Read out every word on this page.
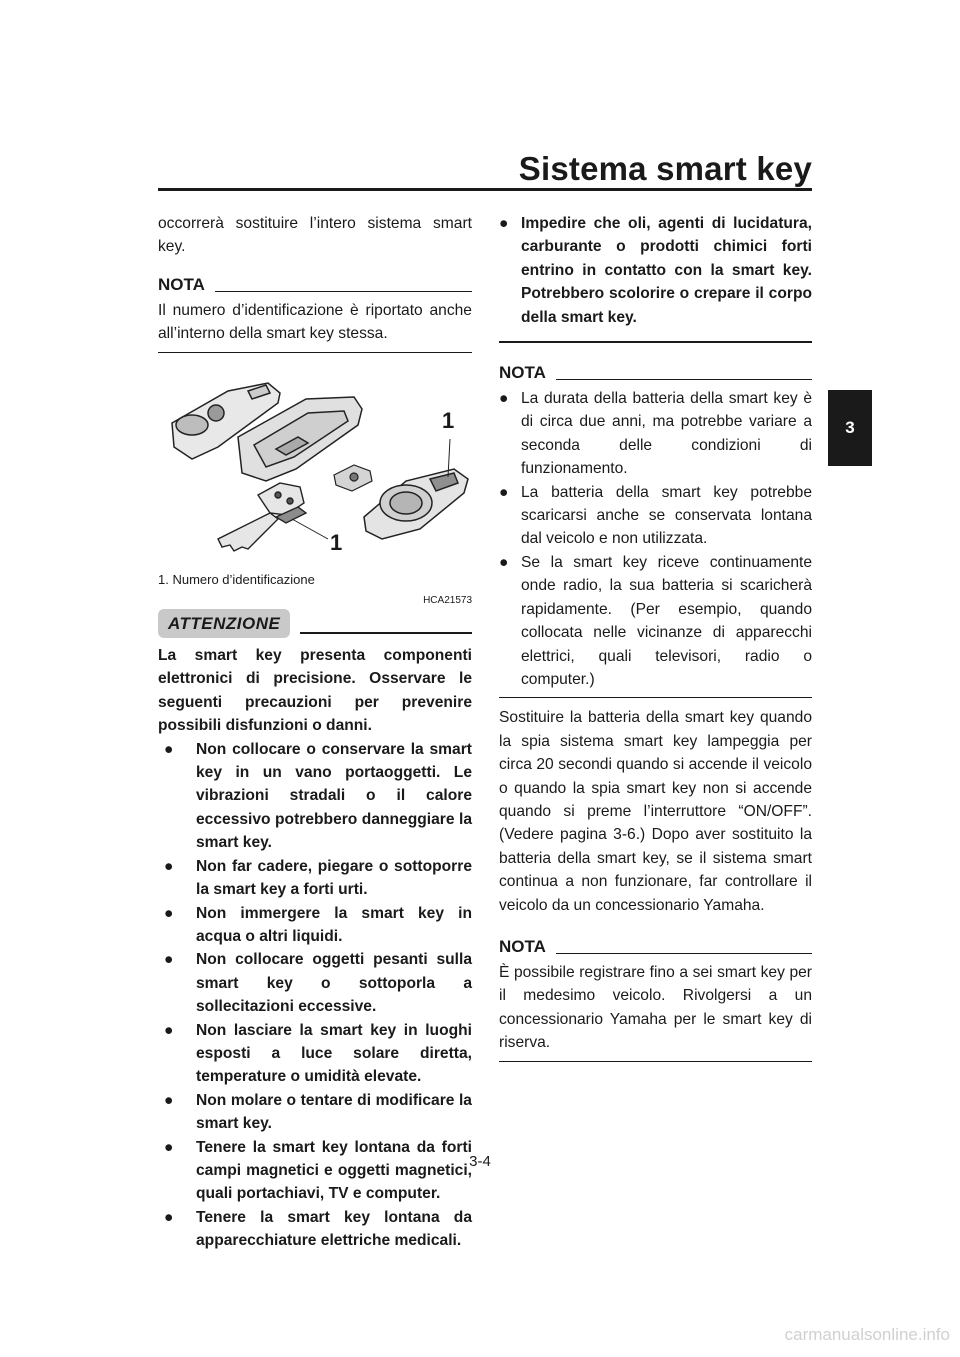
Sistema smart key
3

occorrerà sostituire l’intero sistema smart key.

NOTA

Il numero d’identificazione è riportato anche all’interno della smart key stessa.

1
1
1. Numero d’identificazione
HCA21573
ATTENZIONE

La smart key presenta componenti elettronici di precisione. Osservare le seguenti precauzioni per prevenire possibili disfunzioni o danni.

● Non collocare o conservare la smart key in un vano portaoggetti. Le vibrazioni stradali o il calore eccessivo potrebbero danneggiare la smart key.
● Non far cadere, piegare o sottoporre la smart key a forti urti.
● Non immergere la smart key in acqua o altri liquidi.
● Non collocare oggetti pesanti sulla smart key o sottoporla a sollecitazioni eccessive.
● Non lasciare la smart key in luoghi esposti a luce solare diretta, temperature o umidità elevate.
● Non molare o tentare di modificare la smart key.
● Tenere la smart key lontana da forti campi magnetici e oggetti magnetici, quali portachiavi, TV e computer.
● Tenere la smart key lontana da apparecchiature elettriche medicali.
● Impedire che oli, agenti di lucidatura, carburante o prodotti chimici forti entrino in contatto con la smart key. Potrebbero scolorire o crepare il corpo della smart key.
NOTA
● La durata della batteria della smart key è di circa due anni, ma potrebbe variare a seconda delle condizioni di funzionamento.
● La batteria della smart key potrebbe scaricarsi anche se conservata lontana dal veicolo e non utilizzata.
● Se la smart key riceve continuamente onde radio, la sua batteria si scaricherà rapidamente. (Per esempio, quando collocata nelle vicinanze di apparecchi elettrici, quali televisori, radio o computer.)

Sostituire la batteria della smart key quando la spia sistema smart key lampeggia per circa 20 secondi quando si accende il veicolo o quando la spia smart key non si accende quando si preme l’interruttore “ON/OFF”. (Vedere pagina 3-6.) Dopo aver sostituito la batteria della smart key, se il sistema smart continua a non funzionare, far controllare il veicolo da un concessionario Yamaha.

NOTA

È possibile registrare fino a sei smart key per il medesimo veicolo. Rivolgersi a un concessionario Yamaha per le smart key di riserva.

3-4
carmanualsonline.info
